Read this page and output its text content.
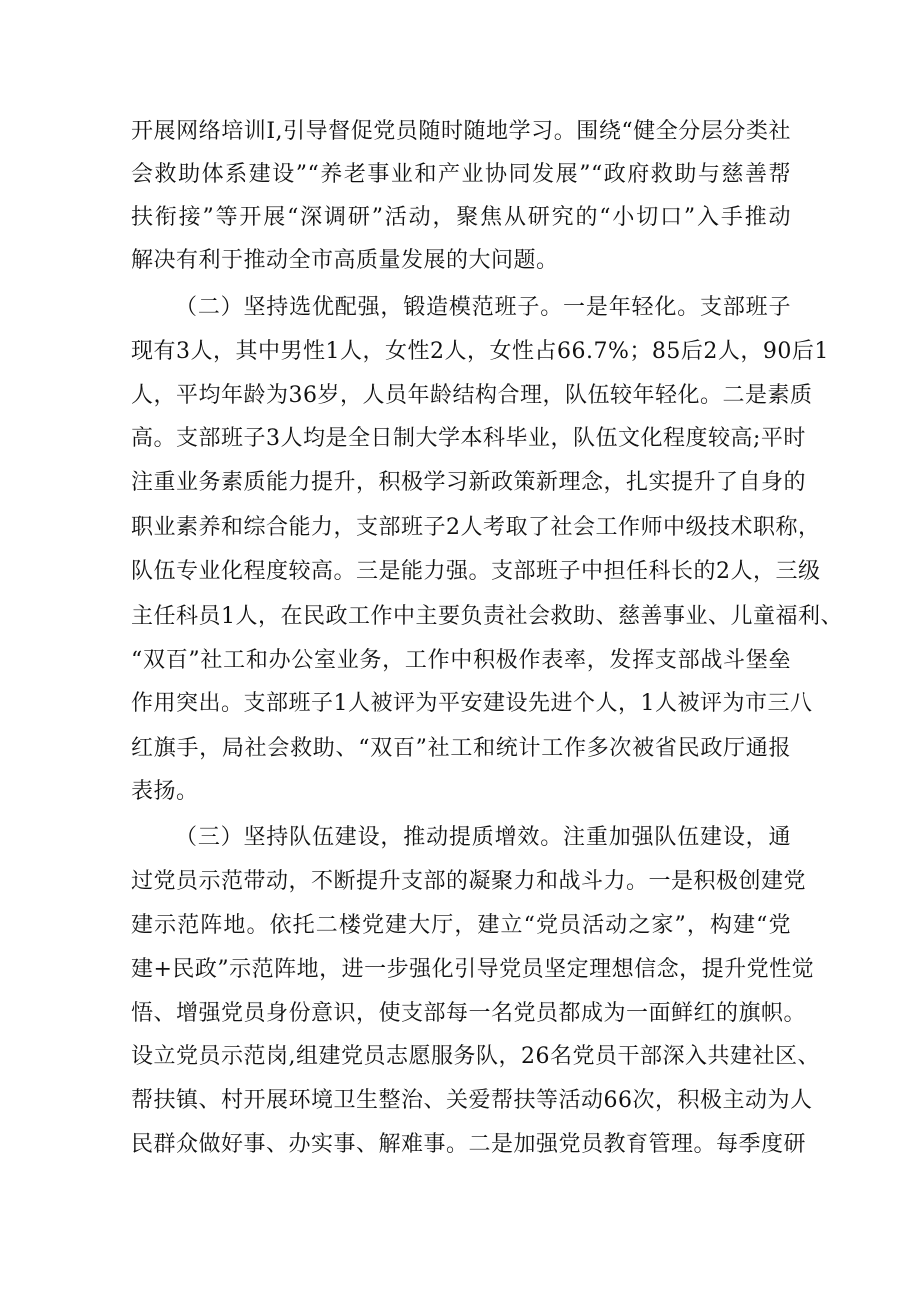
开展网络培训I,引导督促党员随时随地学习。围绕“健全分层分类社
会救助体系建设”“养老事业和产业协同发展”“政府救助与慈善帮
扶衔接”等开展“深调研”活动，聚焦从研究的“小切口”入手推动
解决有利于推动全市高质量发展的大问题。
（二）坚持选优配强，锻造模范班子。一是年轻化。支部班子
现有3人，其中男性1人，女性2人，女性占66.7%；85后2人，90后1
人，平均年龄为36岁，人员年龄结构合理，队伍较年轻化。二是素质
高。支部班子3人均是全日制大学本科毕业，队伍文化程度较高;平时
注重业务素质能力提升，积极学习新政策新理念，扎实提升了自身的
职业素养和综合能力，支部班子2人考取了社会工作师中级技术职称，
队伍专业化程度较高。三是能力强。支部班子中担任科长的2人，三级
主任科员1人，在民政工作中主要负责社会救助、慈善事业、儿童福利、
“双百”社工和办公室业务，工作中积极作表率，发挥支部战斗堡垒
作用突出。支部班子1人被评为平安建设先进个人，1人被评为市三八
红旗手，局社会救助、“双百”社工和统计工作多次被省民政厅通报
表扬。
（三）坚持队伍建设，推动提质增效。注重加强队伍建设，通
过党员示范带动，不断提升支部的凝聚力和战斗力。一是积极创建党
建示范阵地。依托二楼党建大厅，建立“党员活动之家”，构建“党
建+民政”示范阵地，进一步强化引导党员坚定理想信念，提升党性觉
悟、增强党员身份意识，使支部每一名党员都成为一面鲜红的旗帜。
设立党员示范岗,组建党员志愿服务队，26名党员干部深入共建社区、
帮扶镇、村开展环境卫生整治、关爱帮扶等活动66次，积极主动为人
民群众做好事、办实事、解难事。二是加强党员教育管理。每季度研
